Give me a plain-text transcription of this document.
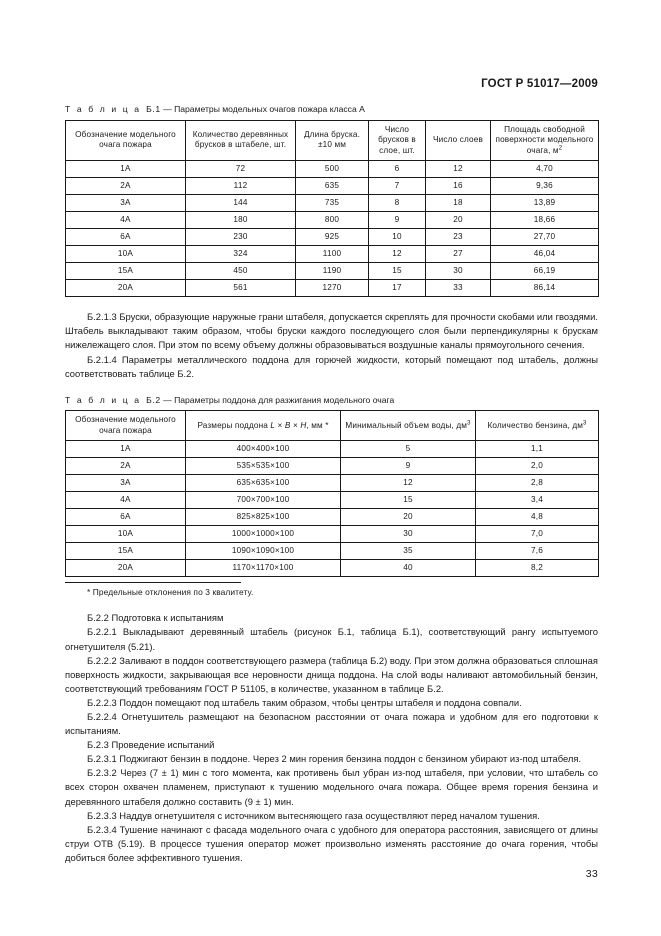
ГОСТ Р 51017—2009

Т а б л и ц а Б.1 — Параметры модельных очагов пожара класса А

Обозначение модельного очага пожара	Количество деревянных брусков в штабеле, шт.	Длина бруска. ±10 мм	Число брусков в слое, шт.	Число слоев	Площадь свободной поверхности модельного очага, $м^2$
1А	72	500	6	12	4,70
2А	112	635	7	16	9,36
3А	144	735	8	18	13,89
4А	180	800	9	20	18,66
6А	230	925	10	23	27,70
10А	324	1100	12	27	46,04
15А	450	1190	15	30	66,19
20А	561	1270	17	33	86,14

Б.2.1.3 Бруски, образующие наружные грани штабеля, допускается скреплять для прочности скобами или гвоздями. Штабель выкладывают таким образом, чтобы бруски каждого последующего слоя были перпендикулярны к брускам нижележащего слоя. При этом по всему объему должны образовываться воздушные каналы прямоугольного сечения.

Б.2.1.4 Параметры металлического поддона для горючей жидкости, который помещают под штабель, должны соответствовать таблице Б.2.

Т а б л и ц а Б.2 — Параметры поддона для разжигания модельного очага

Обозначение модельного очага пожара	Размеры поддона L × B × H, мм *	Минимальный объем воды, $дм^3$	Количество бензина, $дм^3$
1А	400×400×100	5	1,1
2А	535×535×100	9	2,0
3А	635×635×100	12	2,8
4А	700×700×100	15	3,4
6А	825×825×100	20	4,8
10А	1000×1000×100	30	7,0
15А	1090×1090×100	35	7,6
20А	1170×1170×100	40	8,2

* Предельные отклонения по 3 квалитету.

Б.2.2 Подготовка к испытаниям

Б.2.2.1 Выкладывают деревянный штабель (рисунок Б.1, таблица Б.1), соответствующий рангу испытуемого огнетушителя (5.21).

Б.2.2.2 Заливают в поддон соответствующего размера (таблица Б.2) воду. При этом должна образоваться сплошная поверхность жидкости, закрывающая все неровности днища поддона. На слой воды наливают автомобильный бензин, соответствующий требованиям ГОСТ Р 51105, в количестве, указанном в таблице Б.2.

Б.2.2.3 Поддон помещают под штабель таким образом, чтобы центры штабеля и поддона совпали.

Б.2.2.4 Огнетушитель размещают на безопасном расстоянии от очага пожара и удобном для его подготовки к испытаниям.

Б.2.3 Проведение испытаний

Б.2.3.1 Поджигают бензин в поддоне. Через 2 мин горения бензина поддон с бензином убирают из-под штабеля.

Б.2.3.2 Через (7 ± 1) мин с того момента, как противень был убран из-под штабеля, при условии, что штабель со всех сторон охвачен пламенем, приступают к тушению модельного очага пожара. Общее время горения бензина и деревянного штабеля должно составить (9 ± 1) мин.

Б.2.3.3 Наддув огнетушителя с источником вытесняющего газа осуществляют перед началом тушения.

Б.2.3.4 Тушение начинают с фасада модельного очага с удобного для оператора расстояния, зависящего от длины струи ОТВ (5.19). В процессе тушения оператор может произвольно изменять расстояние до очага горения, чтобы добиться более эффективного тушения.

33
